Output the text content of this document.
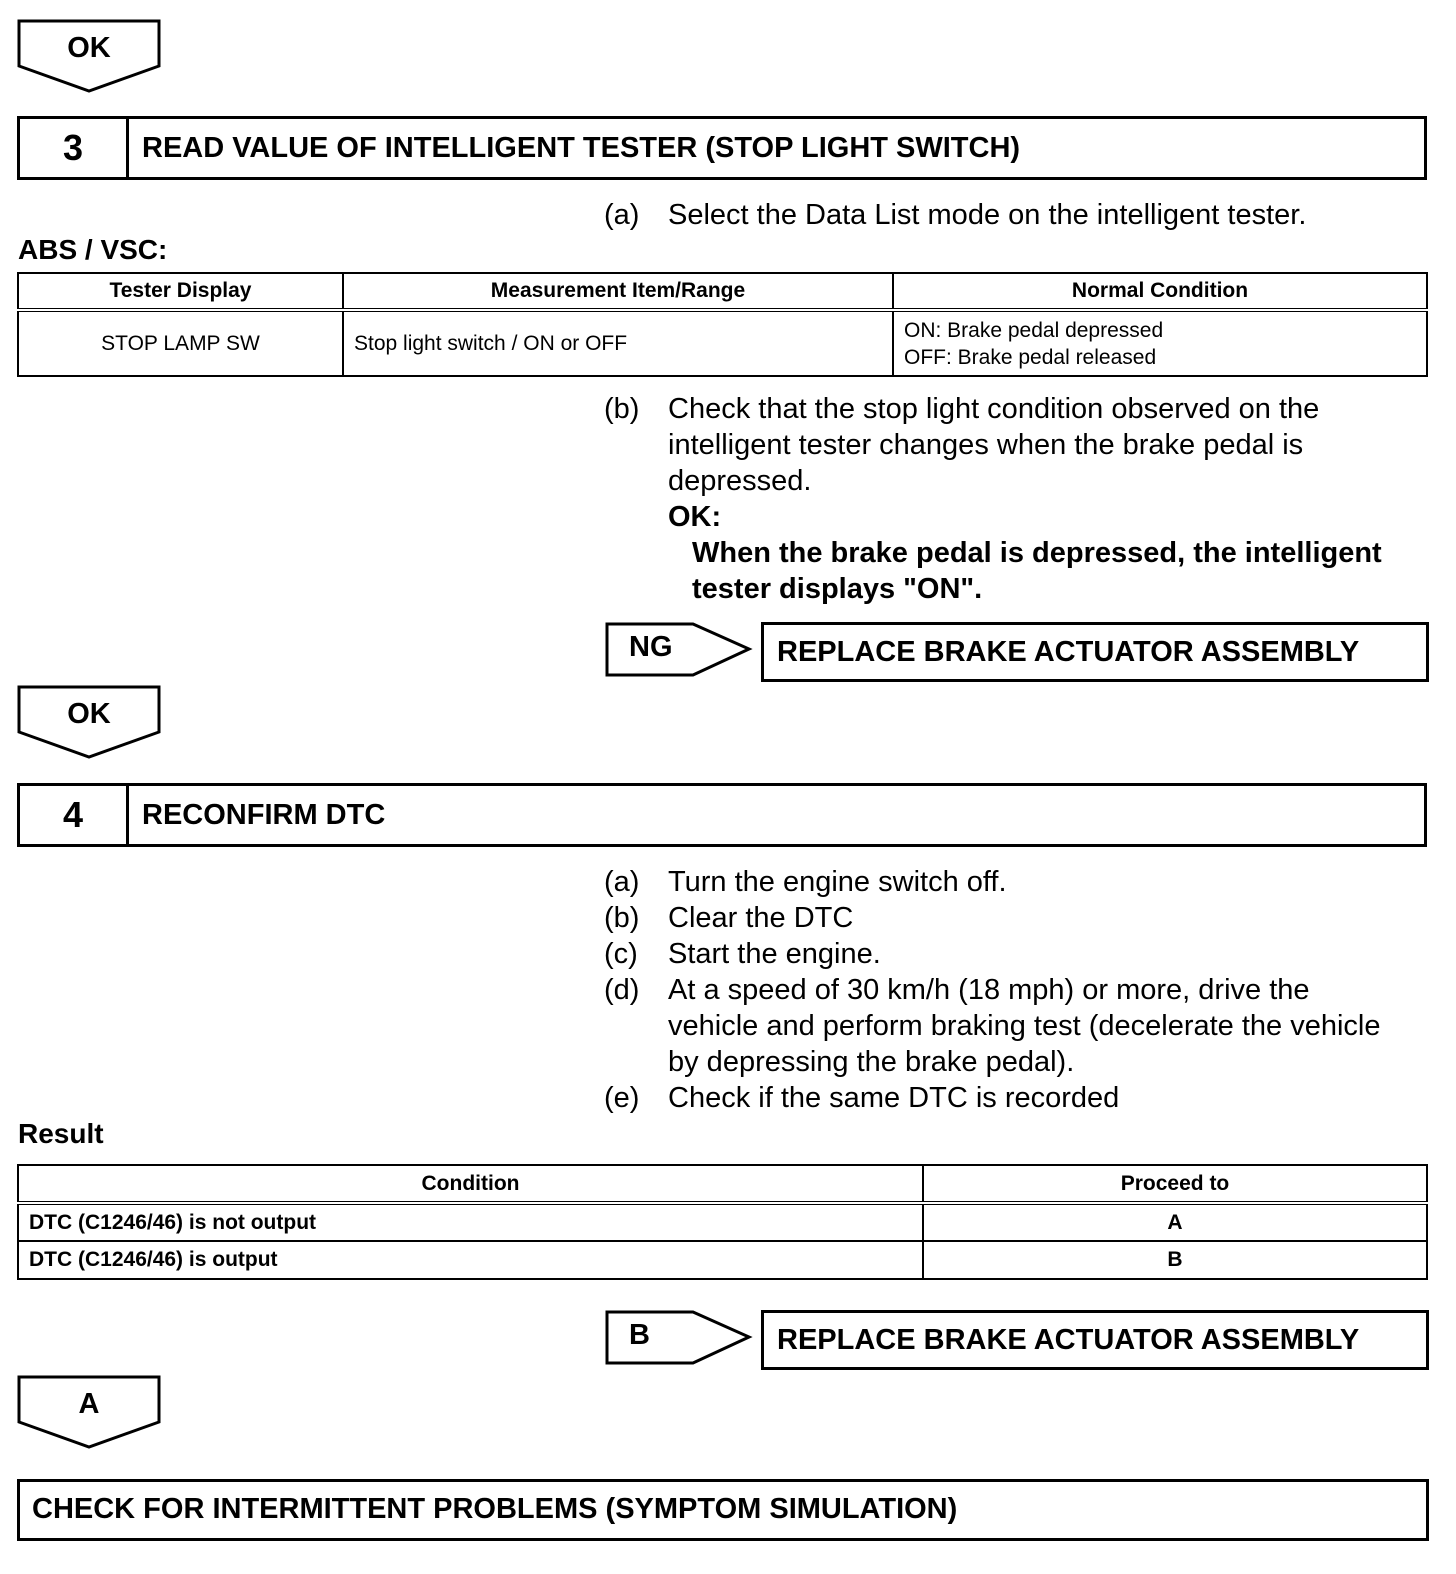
OK
3	READ VALUE OF INTELLIGENT TESTER (STOP LIGHT SWITCH)
(a) Select the Data List mode on the intelligent tester.
ABS / VSC:
Tester Display	Measurement Item/Range	Normal Condition
STOP LAMP SW	Stop light switch / ON or OFF	ON: Brake pedal depressed
OFF: Brake pedal released
(b) Check that the stop light condition observed on the
intelligent tester changes when the brake pedal is
depressed.
OK:
When the brake pedal is depressed, the intelligent
tester displays "ON".
NG	REPLACE BRAKE ACTUATOR ASSEMBLY
OK
4	RECONFIRM DTC
(a) Turn the engine switch off.
(b) Clear the DTC
(c) Start the engine.
(d) At a speed of 30 km/h (18 mph) or more, drive the
vehicle and perform braking test (decelerate the vehicle
by depressing the brake pedal).
(e) Check if the same DTC is recorded
Result
Condition	Proceed to
DTC (C1246/46) is not output	A
DTC (C1246/46) is output	B
B	REPLACE BRAKE ACTUATOR ASSEMBLY
A
CHECK FOR INTERMITTENT PROBLEMS (SYMPTOM SIMULATION)
